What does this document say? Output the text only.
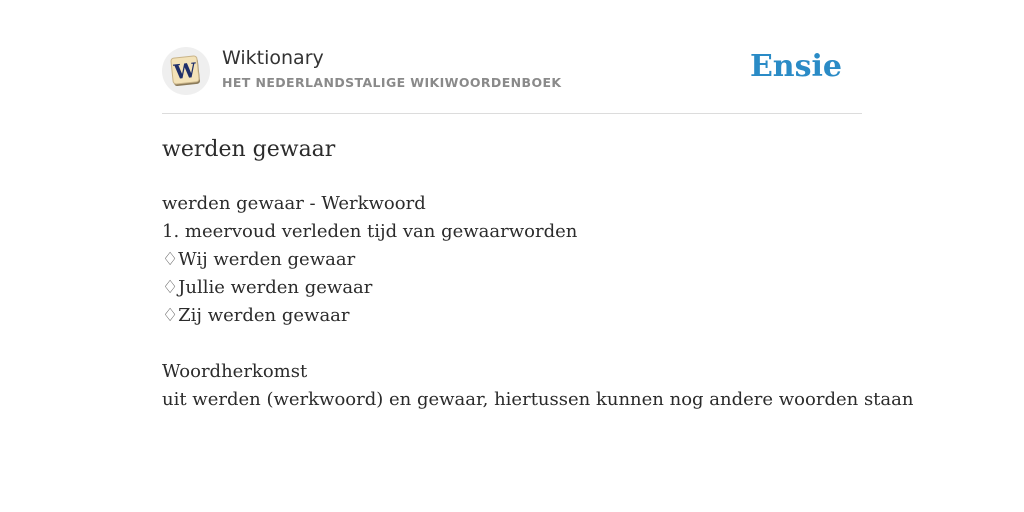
W Wiktionary
HET NEDERLANDSTALIGE WIKIWOORDENBOEK	Ensie
werden gewaar
werden gewaar - Werkwoord
1. meervoud verleden tijd van gewaarworden
♢Wij werden gewaar
♢Jullie werden gewaar
♢Zij werden gewaar
Woordherkomst
uit werden (werkwoord) en gewaar, hiertussen kunnen nog andere woorden staan
